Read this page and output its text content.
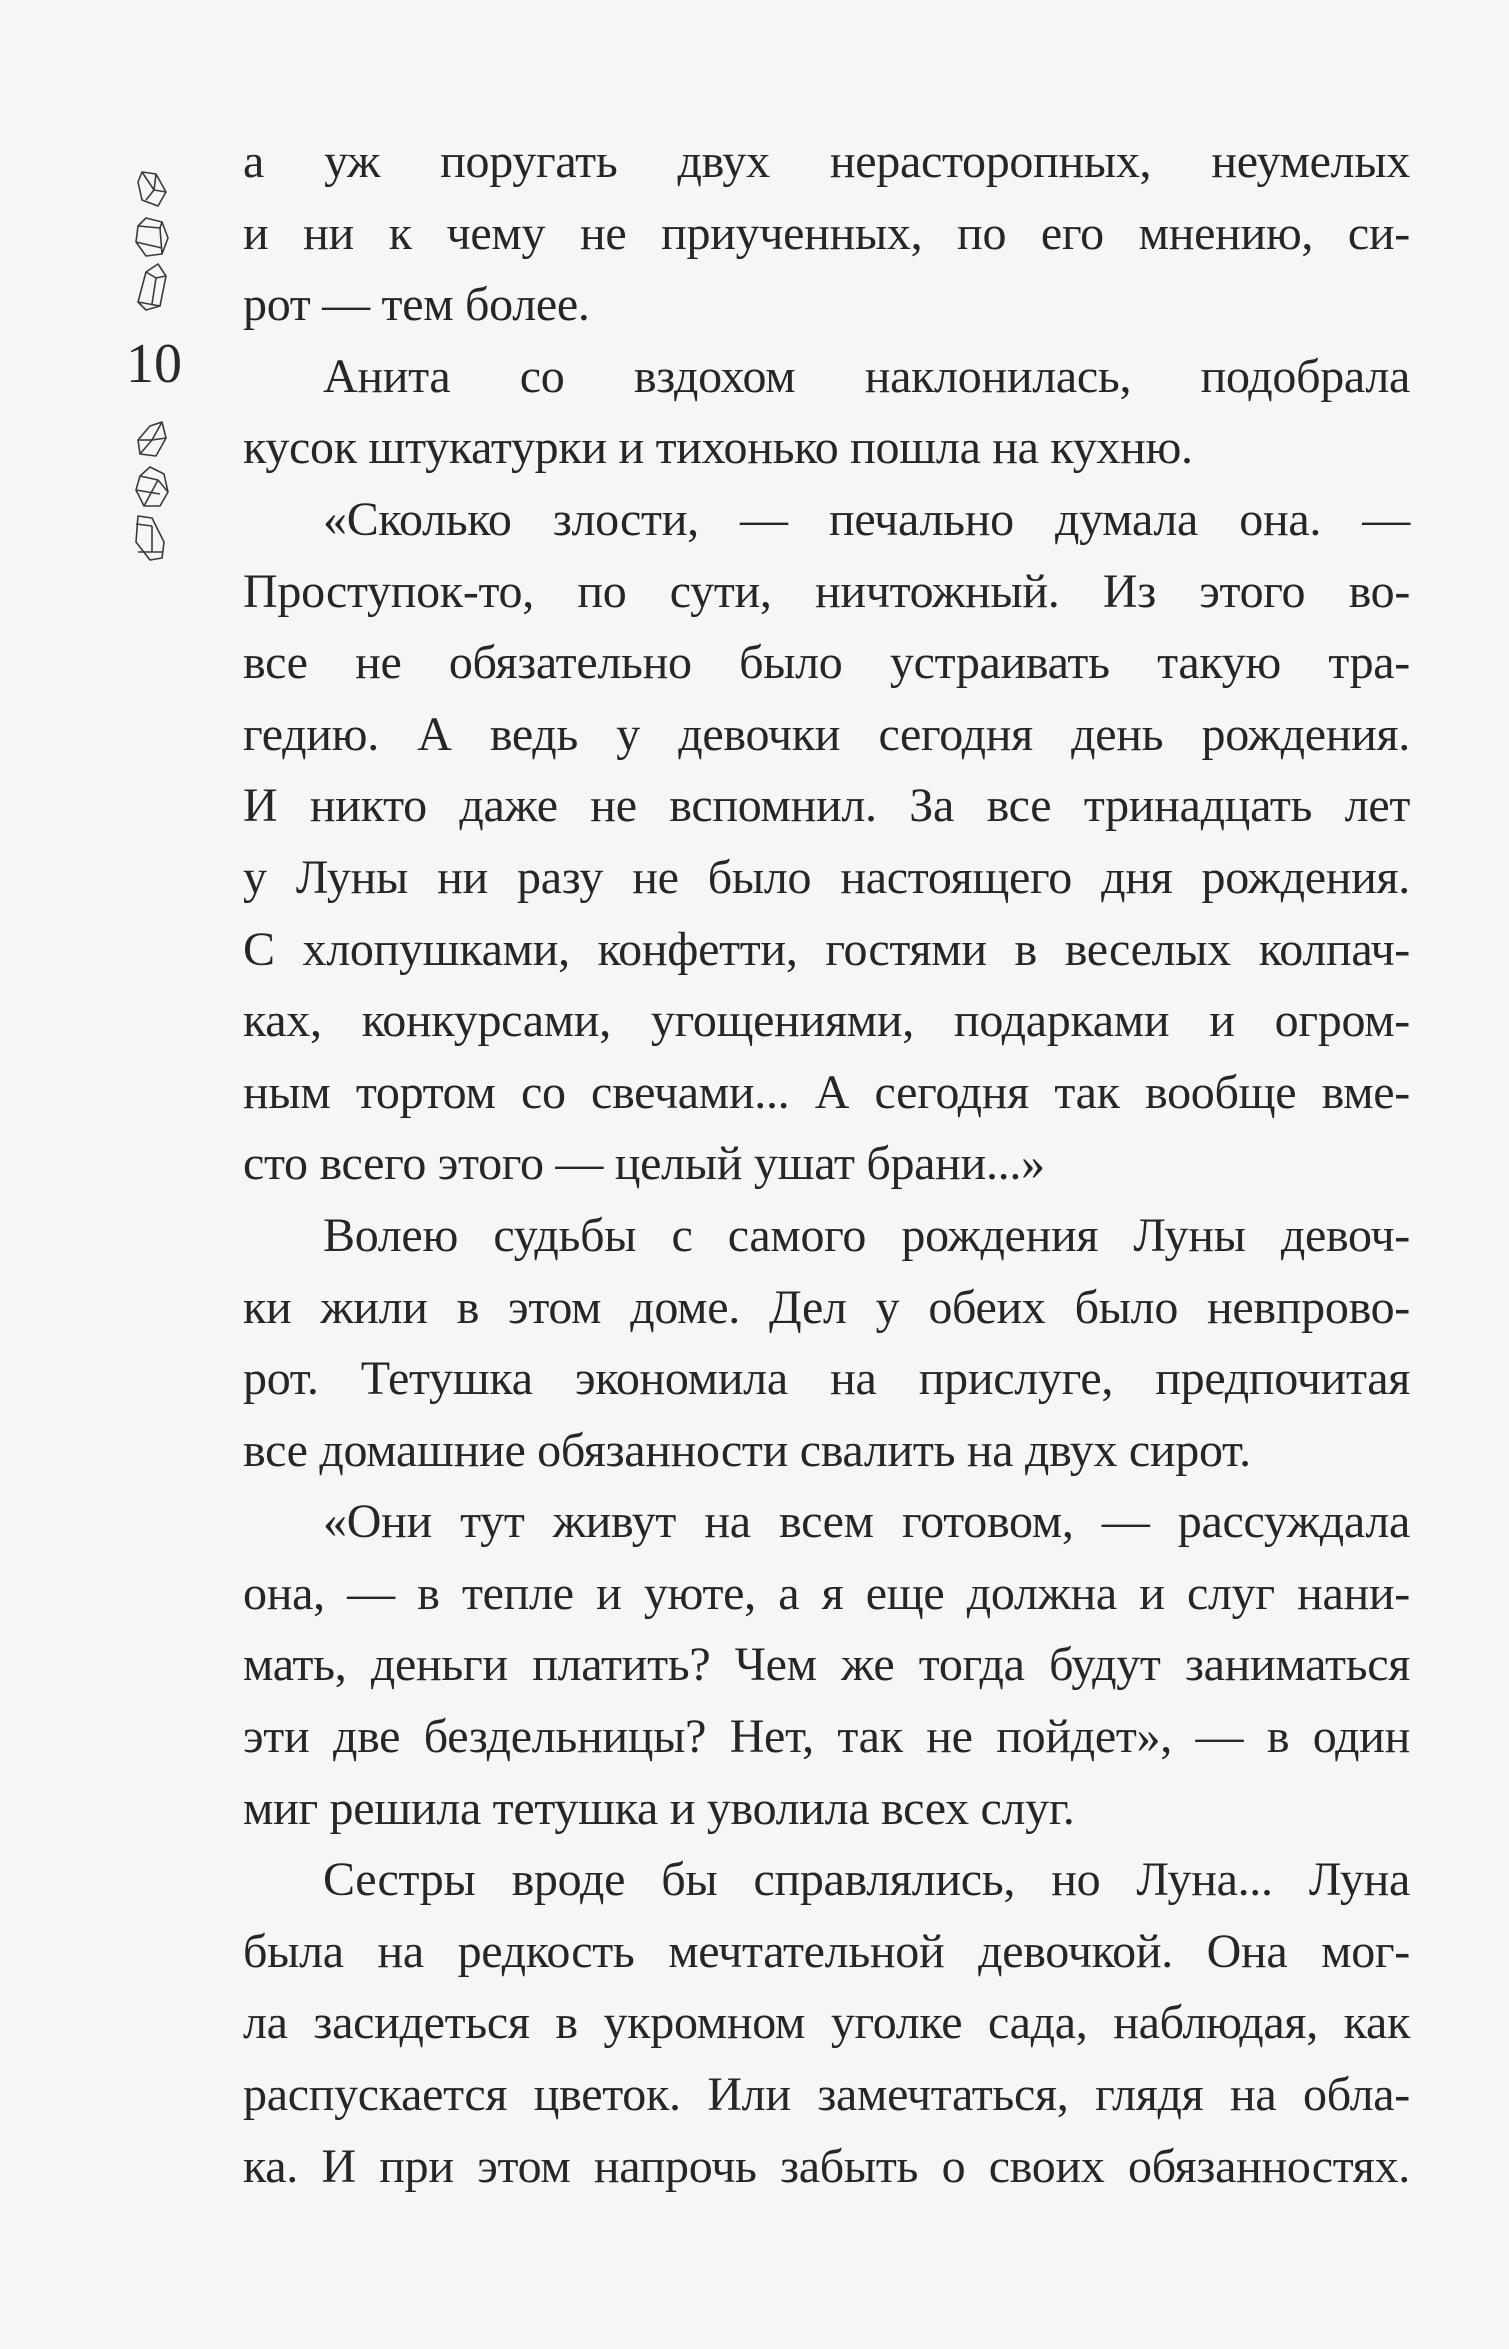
10
а уж поругать двух нерасторопных, неумелых
и ни к чему не приученных, по его мнению, си-
рот — тем более.
Анита со вздохом наклонилась, подобрала
кусок штукатурки и тихонько пошла на кухню.
«Сколько злости, — печально думала она. —
Проступок-то, по сути, ничтожный. Из этого во-
все не обязательно было устраивать такую тра-
гедию. А ведь у девочки сегодня день рождения.
И никто даже не вспомнил. За все тринадцать лет
у Луны ни разу не было настоящего дня рождения.
С хлопушками, конфетти, гостями в веселых колпач-
ках, конкурсами, угощениями, подарками и огром-
ным тортом со свечами... А сегодня так вообще вме-
сто всего этого — целый ушат брани...»
Волею судьбы с самого рождения Луны девоч-
ки жили в этом доме. Дел у обеих было невпрово-
рот. Тетушка экономила на прислуге, предпочитая
все домашние обязанности свалить на двух сирот.
«Они тут живут на всем готовом, — рассуждала
она, — в тепле и уюте, а я еще должна и слуг нани-
мать, деньги платить? Чем же тогда будут заниматься
эти две бездельницы? Нет, так не пойдет», — в один
миг решила тетушка и уволила всех слуг.
Сестры вроде бы справлялись, но Луна... Луна
была на редкость мечтательной девочкой. Она мог-
ла засидеться в укромном уголке сада, наблюдая, как
распускается цветок. Или замечтаться, глядя на обла-
ка. И при этом напрочь забыть о своих обязанностях.
